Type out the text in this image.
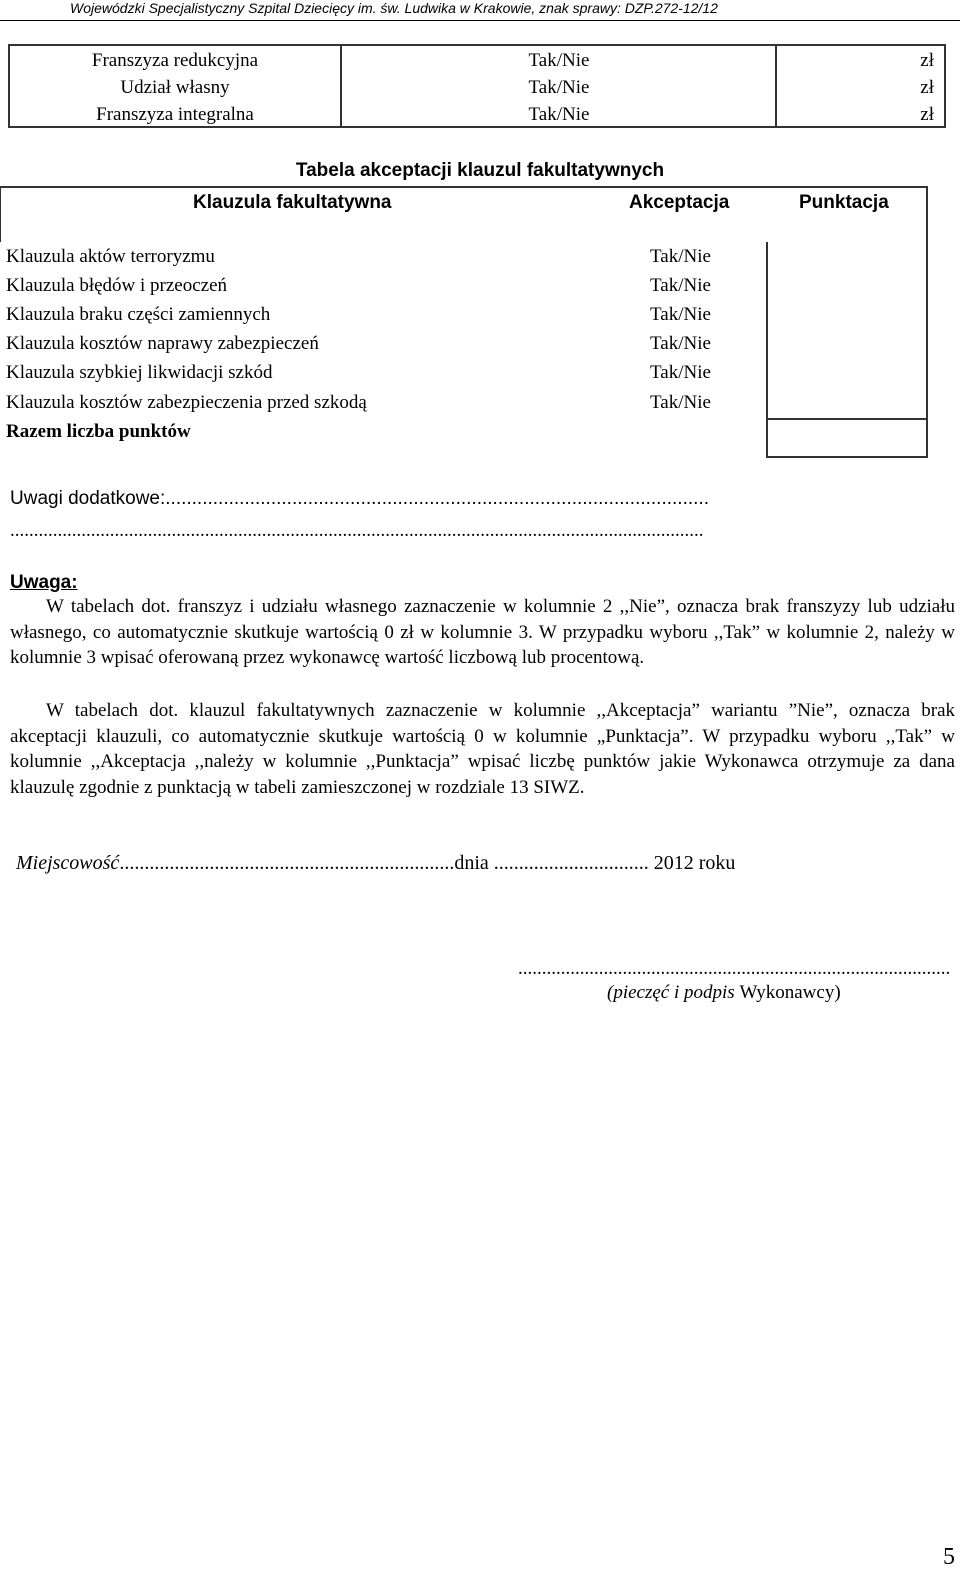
Wojewódzki Specjalistyczny Szpital Dziecięcy im. św. Ludwika w Krakowie, znak sprawy: DZP.272-12/12
Franszyza redukcyjna	Tak/Nie	zł
Udział własny	Tak/Nie	zł
Franszyza integralna	Tak/Nie	zł
Tabela akceptacji klauzul fakultatywnych
Klauzula fakultatywna	Akceptacja	Punktacja
Klauzula aktów terroryzmu	Tak/Nie
Klauzula błędów i przeoczeń	Tak/Nie
Klauzula braku części zamiennych	Tak/Nie
Klauzula kosztów naprawy zabezpieczeń	Tak/Nie
Klauzula szybkiej likwidacji szkód	Tak/Nie
Klauzula kosztów zabezpieczenia przed szkodą	Tak/Nie
Razem liczba punktów
Uwagi dodatkowe:.......................................................................................................
..................................................................................................................................................
Uwaga:
W tabelach dot. franszyz i udziału własnego zaznaczenie w kolumnie 2 ,,Nie”, oznacza brak franszyzy lub udziału własnego, co automatycznie skutkuje wartością 0 zł w kolumnie 3. W przypadku wyboru ,,Tak” w kolumnie 2, należy w kolumnie 3 wpisać oferowaną przez wykonawcę wartość liczbową lub procentową.
W tabelach dot. klauzul fakultatywnych zaznaczenie w kolumnie ,,Akceptacja” wariantu ”Nie”, oznacza brak akceptacji klauzuli, co automatycznie skutkuje wartością 0 w kolumnie „Punktacja”. W przypadku wyboru ,,Tak” w kolumnie ,,Akceptacja ,,należy w kolumnie ,,Punktacja” wpisać liczbę punktów jakie Wykonawca otrzymuje za dana klauzulę zgodnie z punktacją w tabeli zamieszczonej w rozdziale 13 SIWZ.
Miejscowość...................................................................dnia ............................... 2012 roku
...........................................................................................
(pieczęć i podpis Wykonawcy)
5
